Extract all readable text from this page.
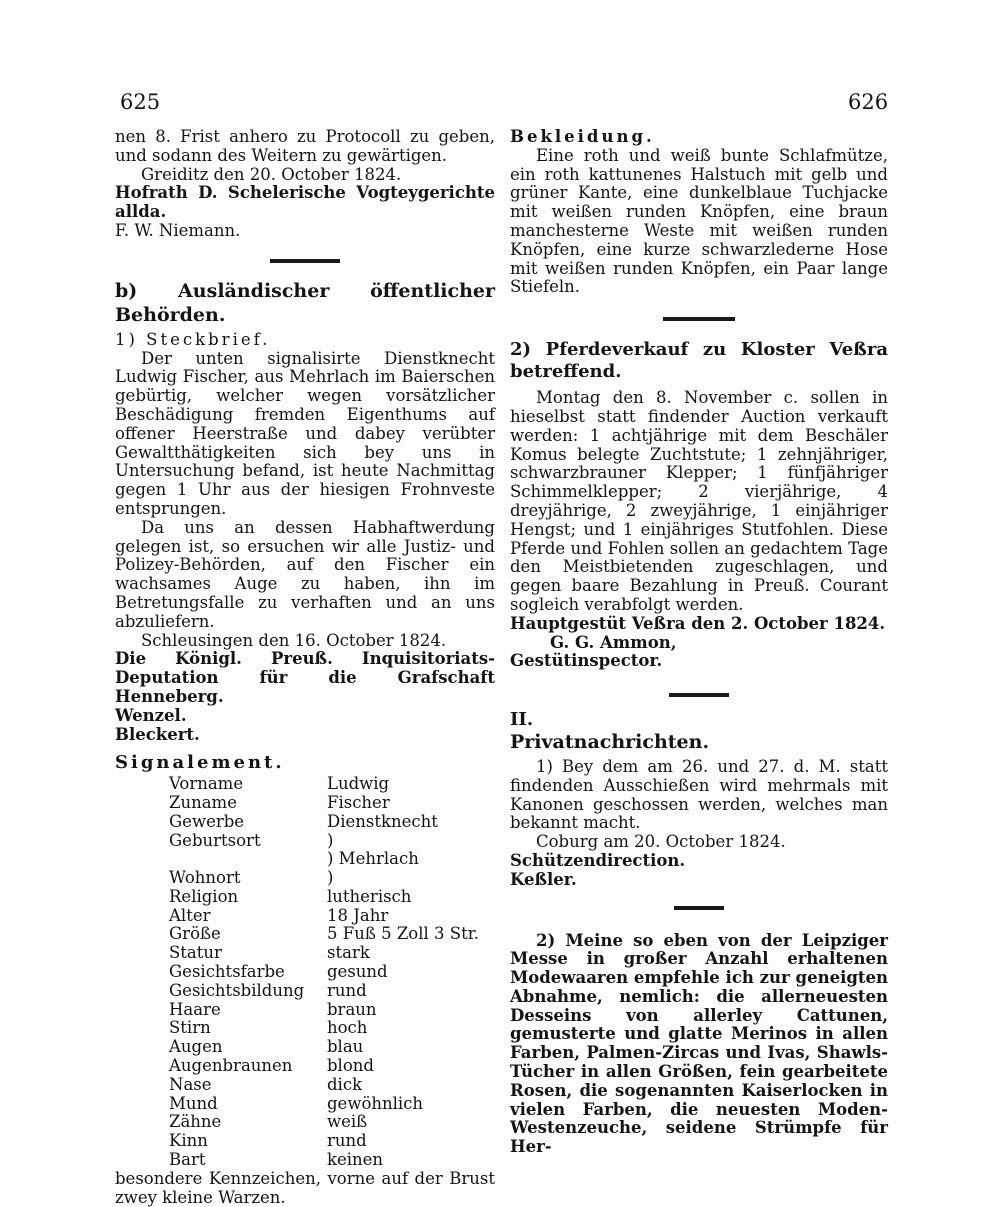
625	626

nen 8. Frist anhero zu Protocoll zu geben, und sodann des Weitern zu gewärtigen.

Greiditz den 20. October 1824.

Hofrath D. Schelerische Vogteygerichte allda.

F. W. Niemann.

b) Ausländischer öffentlicher Behörden.

1) Steckbrief.

Der unten signalisirte Dienstknecht Ludwig Fischer, aus Mehrlach im Baierschen gebürtig, welcher wegen vorsätzlicher Beschädigung fremden Eigenthums auf offener Heerstraße und dabey verübter Gewaltthätigkeiten sich bey uns in Untersuchung befand, ist heute Nachmittag gegen 1 Uhr aus der hiesigen Frohnveste entsprungen.

Da uns an dessen Habhaftwerdung gelegen ist, so ersuchen wir alle Justiz- und Polizey-Behörden, auf den Fischer ein wachsames Auge zu haben, ihn im Betretungsfalle zu verhaften und an uns abzuliefern.

Schleusingen den 16. October 1824.

Die Königl. Preuß. Inquisitoriats-Deputation für die Grafschaft Henneberg.

Wenzel.

Bleckert.

Signalement.

Vorname	Ludwig
Zuname	Fischer
Gewerbe	Dienstknecht
Geburtsort	)
) Mehrlach
Wohnort	)
Religion	lutherisch
Alter	18 Jahr
Größe	5 Fuß 5 Zoll 3 Str.
Statur	stark
Gesichtsfarbe	gesund
Gesichtsbildung	rund
Haare	braun
Stirn	hoch
Augen	blau
Augenbraunen	blond
Nase	dick
Mund	gewöhnlich
Zähne	weiß
Kinn	rund
Bart	keinen

besondere Kennzeichen, vorne auf der Brust zwey kleine Warzen.

Bekleidung.

Eine roth und weiß bunte Schlafmütze, ein roth kattunenes Halstuch mit gelb und grüner Kante, eine dunkelblaue Tuchjacke mit weißen runden Knöpfen, eine braun manchesterne Weste mit weißen runden Knöpfen, eine kurze schwarzlederne Hose mit weißen runden Knöpfen, ein Paar lange Stiefeln.

2) Pferdeverkauf zu Kloster Veßra betreffend.

Montag den 8. November c. sollen in hieselbst statt findender Auction verkauft werden: 1 achtjährige mit dem Beschäler Komus belegte Zuchtstute; 1 zehnjähriger, schwarzbrauner Klepper; 1 fünfjähriger Schimmelklepper; 2 vierjährige, 4 dreyjährige, 2 zweyjährige, 1 einjähriger Hengst; und 1 einjähriges Stutfohlen. Diese Pferde und Fohlen sollen an gedachtem Tage den Meistbietenden zugeschlagen, und gegen baare Bezahlung in Preuß. Courant sogleich verabfolgt werden.

Hauptgestüt Veßra den 2. October 1824.

G. G. Ammon,

Gestütinspector.

II.

Privatnachrichten.

1) Bey dem am 26. und 27. d. M. statt findenden Ausschießen wird mehrmals mit Kanonen geschossen werden, welches man bekannt macht.

Coburg am 20. October 1824.

Schützendirection.

Keßler.

2) Meine so eben von der Leipziger Messe in großer Anzahl erhaltenen Modewaaren empfehle ich zur geneigten Abnahme, nemlich: die allerneuesten Desseins von allerley Cattunen, gemusterte und glatte Merinos in allen Farben, Palmen-Zircas und Ivas, Shawls-Tücher in allen Größen, fein gearbeitete Rosen, die sogenannten Kaiserlocken in vielen Farben, die neuesten Moden-Westenzeuche, seidene Strümpfe für Her-
